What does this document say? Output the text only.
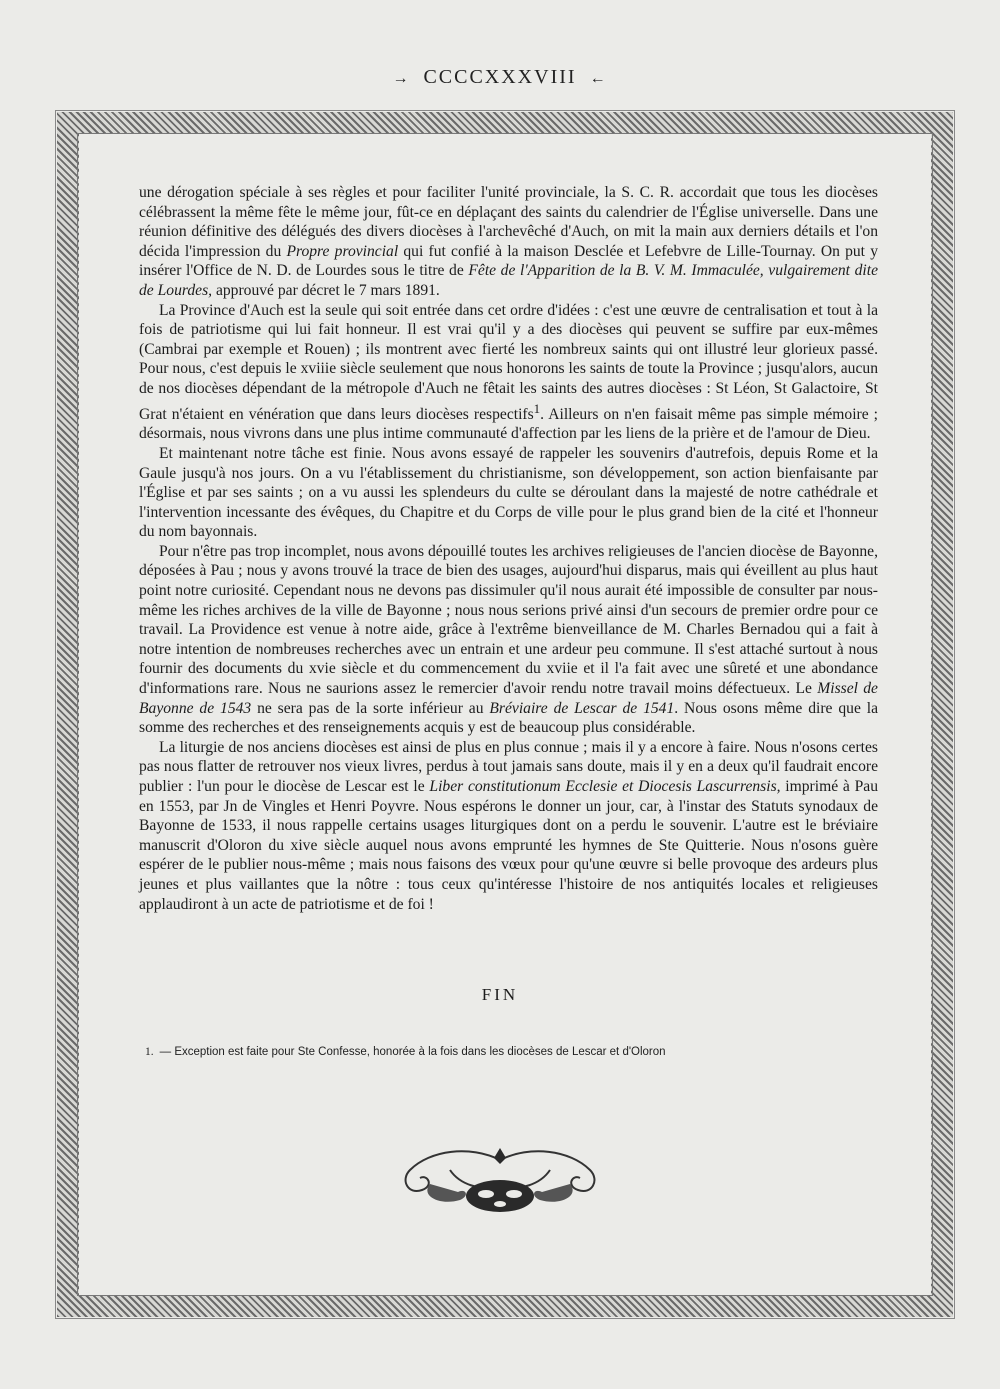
→ CCCCXXXVIII ←

une dérogation spéciale à ses règles et pour faciliter l'unité provinciale, la S. C. R. accordait que tous les diocèses célébrassent la même fête le même jour, fût-ce en déplaçant des saints du calendrier de l'Église universelle. Dans une réunion définitive des délégués des divers diocèses à l'archevêché d'Auch, on mit la main aux derniers détails et l'on décida l'impression du Propre provincial qui fut confié à la maison Desclée et Lefebvre de Lille-Tournay. On put y insérer l'Office de N. D. de Lourdes sous le titre de Fête de l'Apparition de la B. V. M. Immaculée, vulgairement dite de Lourdes, approuvé par décret le 7 mars 1891.

La Province d'Auch est la seule qui soit entrée dans cet ordre d'idées : c'est une œuvre de centralisation et tout à la fois de patriotisme qui lui fait honneur. Il est vrai qu'il y a des diocèses qui peuvent se suffire par eux-mêmes (Cambrai par exemple et Rouen) ; ils montrent avec fierté les nombreux saints qui ont illustré leur glorieux passé. Pour nous, c'est depuis le xviiie siècle seulement que nous honorons les saints de toute la Province ; jusqu'alors, aucun de nos diocèses dépendant de la métropole d'Auch ne fêtait les saints des autres diocèses : St Léon, St Galactoire, St Grat n'étaient en vénération que dans leurs diocèses respectifs$^1$. Ailleurs on n'en faisait même pas simple mémoire ; désormais, nous vivrons dans une plus intime communauté d'affection par les liens de la prière et de l'amour de Dieu.

Et maintenant notre tâche est finie. Nous avons essayé de rappeler les souvenirs d'autrefois, depuis Rome et la Gaule jusqu'à nos jours. On a vu l'établissement du christianisme, son développement, son action bienfaisante par l'Église et par ses saints ; on a vu aussi les splendeurs du culte se déroulant dans la majesté de notre cathédrale et l'intervention incessante des évêques, du Chapitre et du Corps de ville pour le plus grand bien de la cité et l'honneur du nom bayonnais.

Pour n'être pas trop incomplet, nous avons dépouillé toutes les archives religieuses de l'ancien diocèse de Bayonne, déposées à Pau ; nous y avons trouvé la trace de bien des usages, aujourd'hui disparus, mais qui éveillent au plus haut point notre curiosité. Cependant nous ne devons pas dissimuler qu'il nous aurait été impossible de consulter par nous-même les riches archives de la ville de Bayonne ; nous nous serions privé ainsi d'un secours de premier ordre pour ce travail. La Providence est venue à notre aide, grâce à l'extrême bienveillance de M. Charles Bernadou qui a fait à notre intention de nombreuses recherches avec un entrain et une ardeur peu commune. Il s'est attaché surtout à nous fournir des documents du xvie siècle et du commencement du xviie et il l'a fait avec une sûreté et une abondance d'informations rare. Nous ne saurions assez le remercier d'avoir rendu notre travail moins défectueux. Le Missel de Bayonne de 1543 ne sera pas de la sorte inférieur au Bréviaire de Lescar de 1541. Nous osons même dire que la somme des recherches et des renseignements acquis y est de beaucoup plus considérable.

La liturgie de nos anciens diocèses est ainsi de plus en plus connue ; mais il y a encore à faire. Nous n'osons certes pas nous flatter de retrouver nos vieux livres, perdus à tout jamais sans doute, mais il y en a deux qu'il faudrait encore publier : l'un pour le diocèse de Lescar est le Liber constitutionum Ecclesie et Diocesis Lascurrensis, imprimé à Pau en 1553, par Jn de Vingles et Henri Poyvre. Nous espérons le donner un jour, car, à l'instar des Statuts synodaux de Bayonne de 1533, il nous rappelle certains usages liturgiques dont on a perdu le souvenir. L'autre est le bréviaire manuscrit d'Oloron du xive siècle auquel nous avons emprunté les hymnes de Ste Quitterie. Nous n'osons guère espérer de le publier nous-même ; mais nous faisons des vœux pour qu'une œuvre si belle provoque des ardeurs plus jeunes et plus vaillantes que la nôtre : tous ceux qu'intéresse l'histoire de nos antiquités locales et religieuses applaudiront à un acte de patriotisme et de foi !

FIN
1. — Exception est faite pour Ste Confesse, honorée à la fois dans les diocèses de Lescar et d'Oloron
